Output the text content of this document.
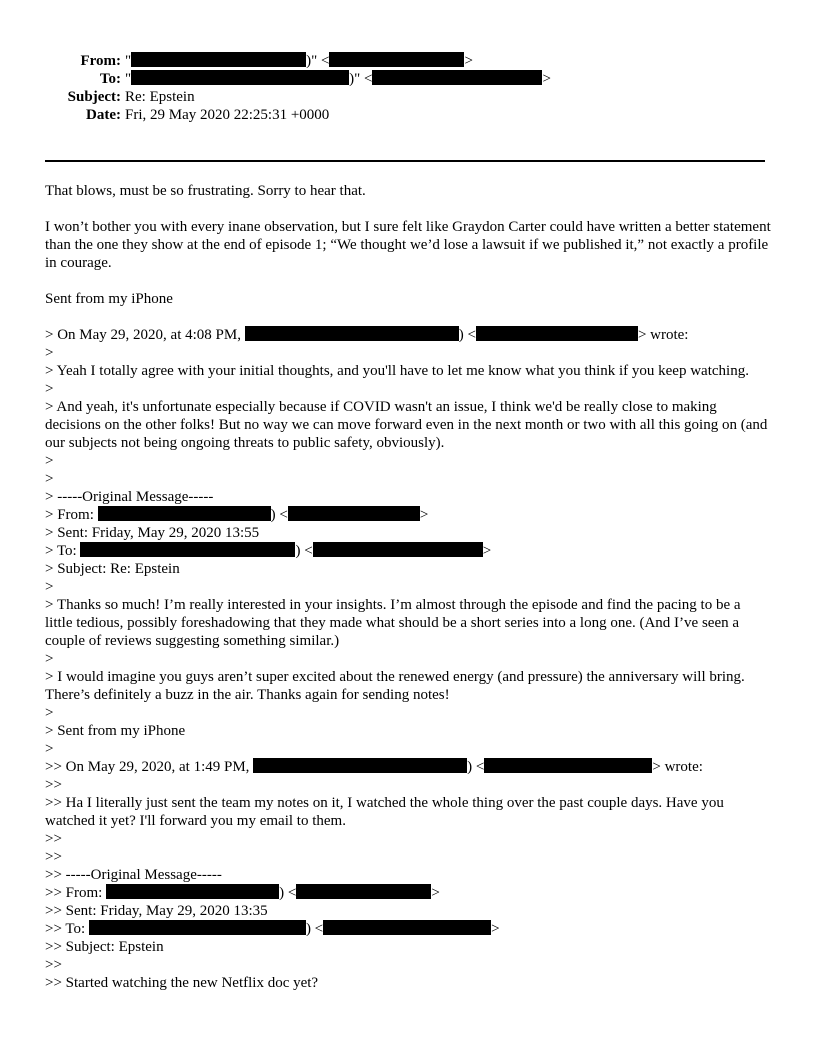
From: "	)" <	>
To: "	)" <	>
Subject: Re: Epstein
Date: Fri, 29 May 2020 22:25:31 +0000
That blows, must be so frustrating. Sorry to hear that.
I won’t bother you with every inane observation, but I sure felt like Graydon Carter could have written a better statement than the one they show at the end of episode 1; “We thought we’d lose a lawsuit if we published it,” not exactly a profile in courage.
Sent from my iPhone
> On May 29, 2020, at 4:08 PM,	) <	> wrote:
>
> Yeah I totally agree with your initial thoughts, and you'll have to let me know what you think if you keep watching.
>
> And yeah, it's unfortunate especially because if COVID wasn't an issue, I think we'd be really close to making decisions on the other folks! But no way we can move forward even in the next month or two with all this going on (and our subjects not being ongoing threats to public safety, obviously).
>
>
> -----Original Message-----
> From:	) <	>
> Sent: Friday, May 29, 2020 13:55
> To:	) <	>
> Subject: Re: Epstein
>
> Thanks so much! I’m really interested in your insights. I’m almost through the episode and find the pacing to be a little tedious, possibly foreshadowing that they made what should be a short series into a long one. (And I’ve seen a couple of reviews suggesting something similar.)
>
> I would imagine you guys aren’t super excited about the renewed energy (and pressure) the anniversary will bring. There’s definitely a buzz in the air. Thanks again for sending notes!
>
> Sent from my iPhone
>
>> On May 29, 2020, at 1:49 PM,	) <	> wrote:
>>
>> Ha I literally just sent the team my notes on it, I watched the whole thing over the past couple days. Have you watched it yet? I'll forward you my email to them.
>>
>>
>> -----Original Message-----
>> From:	) <	>
>> Sent: Friday, May 29, 2020 13:35
>> To:	) <	>
>> Subject: Epstein
>>
>> Started watching the new Netflix doc yet?
